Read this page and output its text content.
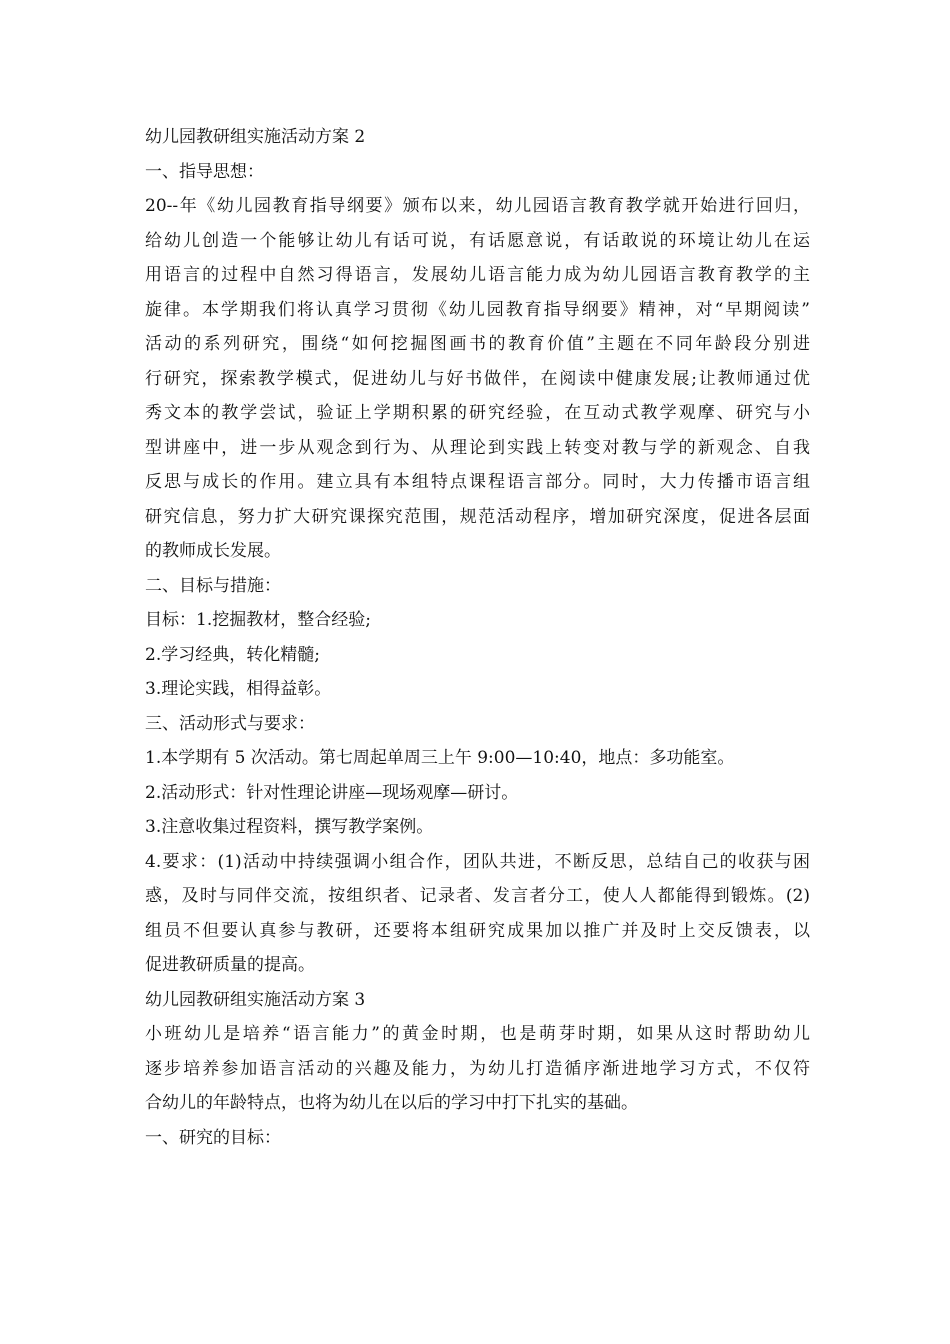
幼儿园教研组实施活动方案 2
一、指导思想：
20--年《幼儿园教育指导纲要》颁布以来，幼儿园语言教育教学就开始进行回归，
给幼儿创造一个能够让幼儿有话可说，有话愿意说，有话敢说的环境让幼儿在运
用语言的过程中自然习得语言，发展幼儿语言能力成为幼儿园语言教育教学的主
旋律。本学期我们将认真学习贯彻《幼儿园教育指导纲要》精神，对“早期阅读”
活动的系列研究，围绕“如何挖掘图画书的教育价值”主题在不同年龄段分别进
行研究，探索教学模式，促进幼儿与好书做伴，在阅读中健康发展;让教师通过优
秀文本的教学尝试，验证上学期积累的研究经验，在互动式教学观摩、研究与小
型讲座中，进一步从观念到行为、从理论到实践上转变对教与学的新观念、自我
反思与成长的作用。建立具有本组特点课程语言部分。同时，大力传播市语言组
研究信息，努力扩大研究课探究范围，规范活动程序，增加研究深度，促进各层面
的教师成长发展。
二、目标与措施：
目标：1.挖掘教材，整合经验;
2.学习经典，转化精髓;
3.理论实践，相得益彰。
三、活动形式与要求：
1.本学期有 5 次活动。第七周起单周三上午 9:00—10:40，地点：多功能室。
2.活动形式：针对性理论讲座—现场观摩—研讨。
3.注意收集过程资料，撰写教学案例。
4.要求：(1)活动中持续强调小组合作，团队共进，不断反思，总结自己的收获与困
惑，及时与同伴交流，按组织者、记录者、发言者分工，使人人都能得到锻炼。(2)
组员不但要认真参与教研，还要将本组研究成果加以推广并及时上交反馈表，以
促进教研质量的提高。
幼儿园教研组实施活动方案 3
小班幼儿是培养“语言能力”的黄金时期，也是萌芽时期，如果从这时帮助幼儿
逐步培养参加语言活动的兴趣及能力，为幼儿打造循序渐进地学习方式，不仅符
合幼儿的年龄特点，也将为幼儿在以后的学习中打下扎实的基础。
一、研究的目标：
